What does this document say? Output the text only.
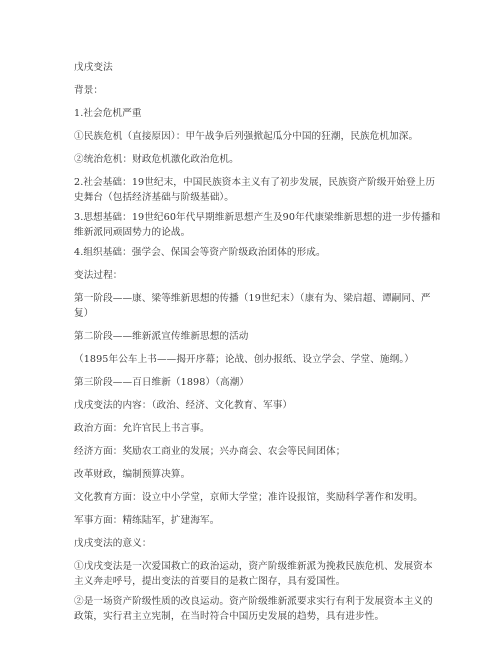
戊戌变法

背景：

1.社会危机严重

①民族危机（直接原因）：甲午战争后列强掀起瓜分中国的狂潮，民族危机加深。

②统治危机：财政危机激化政治危机。

2.社会基础：19世纪末，中国民族资本主义有了初步发展，民族资产阶级开始登上历史舞台（包括经济基础与阶级基础）。

3.思想基础：19世纪60年代早期维新思想产生及90年代康梁维新思想的进一步传播和维新派同顽固势力的论战。

4.组织基础：强学会、保国会等资产阶级政治团体的形成。

变法过程：

第一阶段——康、梁等维新思想的传播（19世纪末）（康有为、梁启超、谭嗣同、严复）

第二阶段——维新派宣传维新思想的活动

（1895年公车上书——揭开序幕；论战、创办报纸、设立学会、学堂、施纲。）

第三阶段——百日维新（1898）（高潮）

戊戌变法的内容：（政治、经济、文化教育、军事）

政治方面：允许官民上书言事。

经济方面：奖励农工商业的发展；兴办商会、农会等民间团体；

改革财政，编制预算决算。

文化教育方面：设立中小学堂，京师大学堂；准许设报馆，奖励科学著作和发明。

军事方面：精练陆军，扩建海军。

戊戌变法的意义：

①戊戌变法是一次爱国救亡的政治运动，资产阶级维新派为挽救民族危机、发展资本主义奔走呼号，提出变法的首要目的是救亡图存，具有爱国性。

②是一场资产阶级性质的改良运动。资产阶级维新派要求实行有利于发展资本主义的政策，实行君主立宪制，在当时符合中国历史发展的趋势，具有进步性。
